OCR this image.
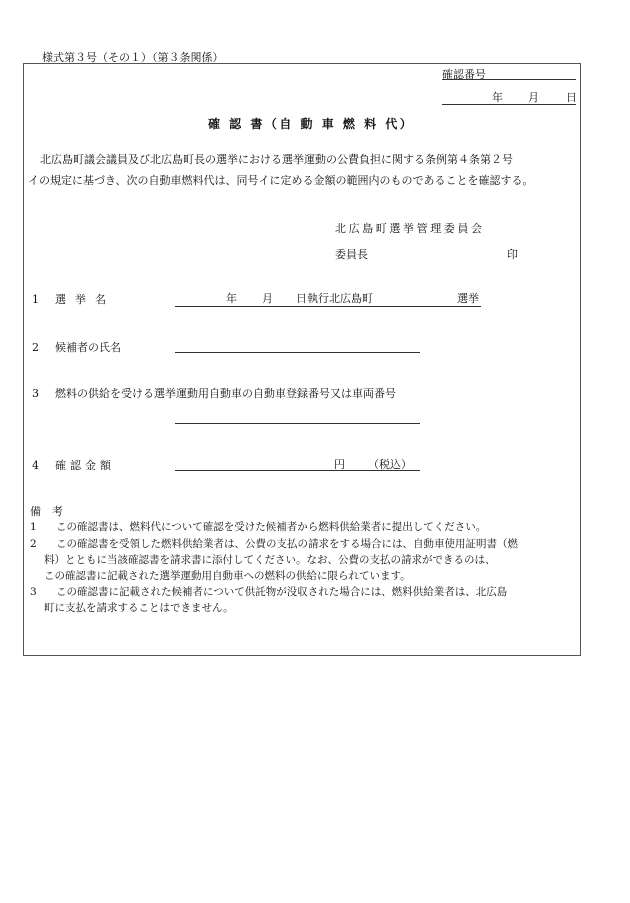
様式第３号（その１）（第３条関係）
確認番号
年 月 日
確 認 書（自 動 車 燃 料 代）
北広島町議会議員及び北広島町長の選挙における選挙運動の公費負担に関する条例第４条第２号
イの規定に基づき、次の自動車燃料代は、同号イに定める金額の範囲内のものであることを確認する。
北広島町選挙管理委員会
委員長	印
1 選挙名	年 月 日執行北広島町	選挙
2 候補者の氏名
3 燃料の供給を受ける選挙運動用自動車の自動車登録番号又は車両番号
4 確認金額	円 （税込）
備　考
1 この確認書は、燃料代について確認を受けた候補者から燃料供給業者に提出してください。
2 この確認書を受領した燃料供給業者は、公費の支払の請求をする場合には、自動車使用証明書（燃
料）とともに当該確認書を請求書に添付してください。なお、公費の支払の請求ができるのは、
この確認書に記載された選挙運動用自動車への燃料の供給に限られています。
3 この確認書に記載された候補者について供託物が没収された場合には、燃料供給業者は、北広島
町に支払を請求することはできません。
